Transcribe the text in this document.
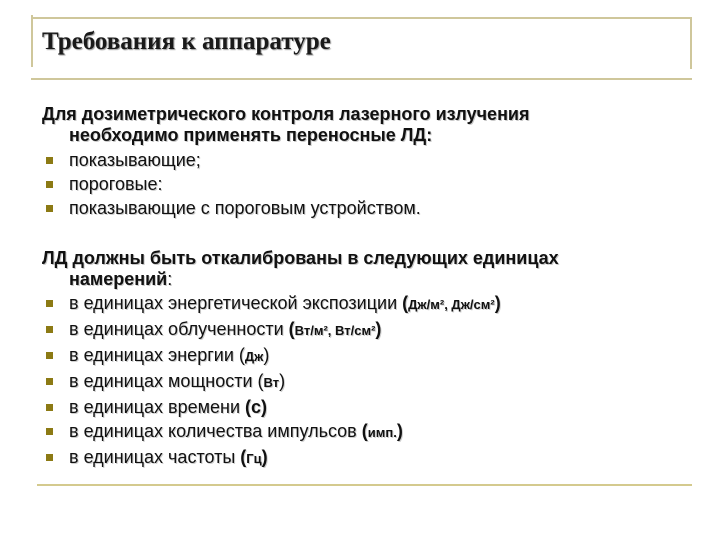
Требования к аппаратуре
Для дозиметрического контроля лазерного излучения
необходимо применять переносные ЛД:
показывающие;
пороговые:
показывающие с пороговым устройством.
ЛД должны быть откалиброваны в следующих единицах
намерений:
в единицах энергетической экспозиции (Дж/м², Дж/см²)
в единицах облученности (Вт/м², Вт/см²)
в единицах энергии (Дж)
в единицах мощности (Вт)
в единицах времени (с)
в единицах количества импульсов (имп.)
в единицах частоты (Гц)
